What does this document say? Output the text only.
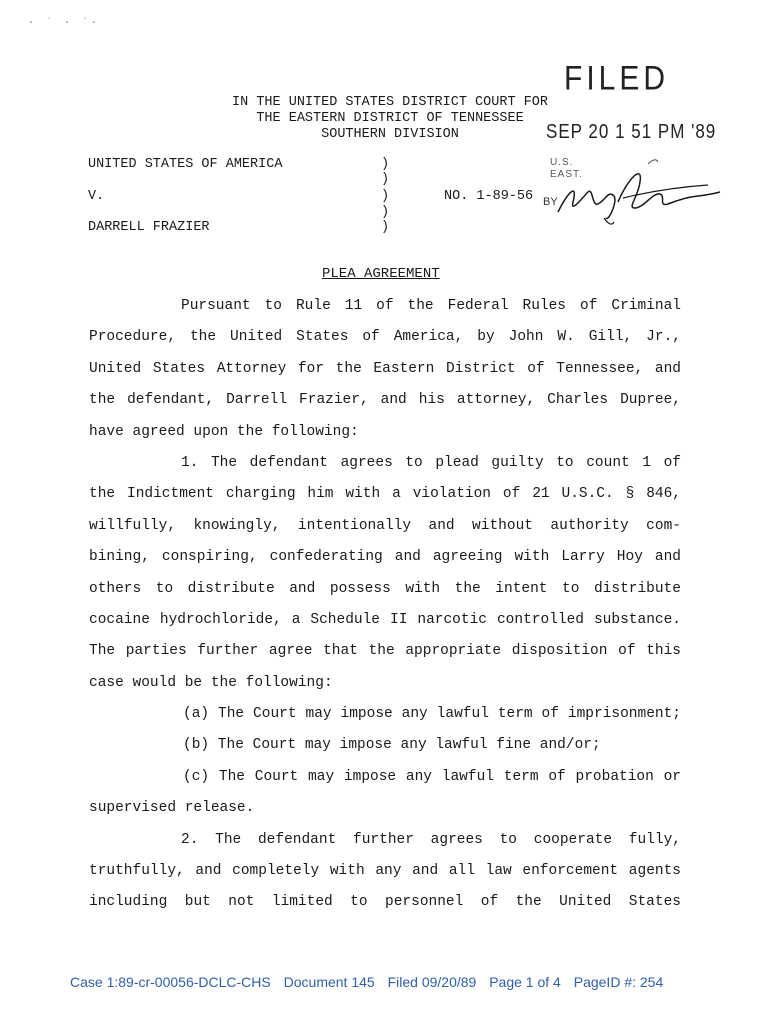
· ˈ · ˈ·
IN THE UNITED STATES DISTRICT COURT FOR
THE EASTERN DISTRICT OF TENNESSEE
SOUTHERN DIVISION
FILED
SEP 20 1 51 PM '89
U.S.
EAST.
UNITED STATES OF AMERICA
V.
DARRELL FRAZIER
)
)
)
)
)
NO. 1-89-56 BY
PLEA AGREEMENT
Pursuant to Rule 11 of the Federal Rules of Criminal
Procedure, the United States of America, by John W. Gill, Jr.,
United States Attorney for the Eastern District of Tennessee, and
the defendant, Darrell Frazier, and his attorney, Charles Dupree,
have agreed upon the following:
1. The defendant agrees to plead guilty to count 1 of
the Indictment charging him with a violation of 21 U.S.C. § 846,
willfully, knowingly, intentionally and without authority com-
bining, conspiring, confederating and agreeing with Larry Hoy and
others to distribute and possess with the intent to distribute
cocaine hydrochloride, a Schedule II narcotic controlled substance.
The parties further agree that the appropriate disposition of this
case would be the following:
(a) The Court may impose any lawful term of imprisonment;
(b) The Court may impose any lawful fine and/or;
(c) The Court may impose any lawful term of probation or
supervised release.
2. The defendant further agrees to cooperate fully,
truthfully, and completely with any and all law enforcement agents
including but not limited to personnel of the United States
Case 1:89-cr-00056-DCLC-CHS Document 145 Filed 09/20/89 Page 1 of 4 PageID #: 254
